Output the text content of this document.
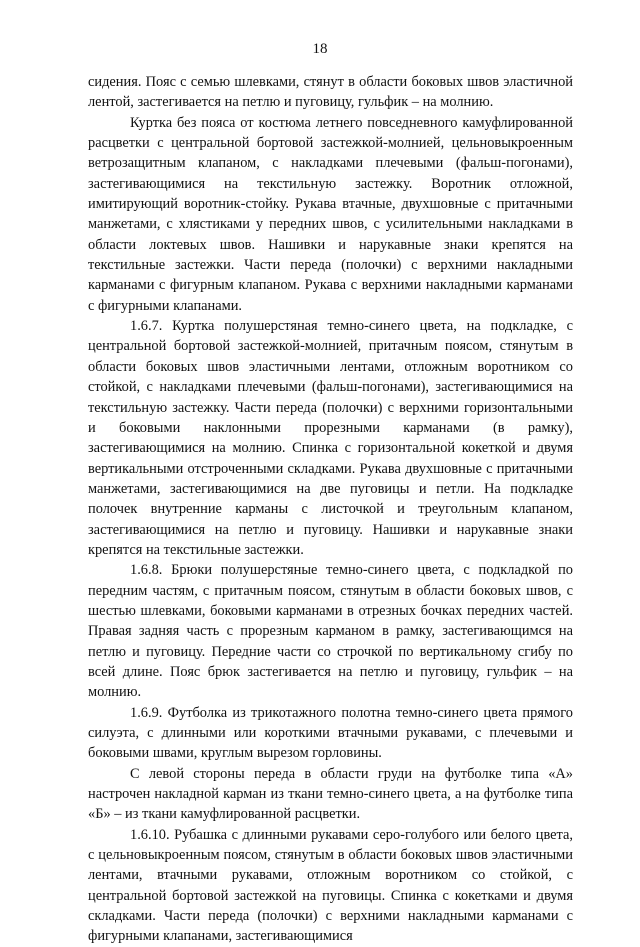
18

сидения. Пояс с семью шлевками, стянут в области боковых швов эластичной лентой, застегивается на петлю и пуговицу, гульфик – на молнию.

Куртка без пояса от костюма летнего повседневного камуфлированной расцветки с центральной бортовой застежкой-молнией, цельновыкроенным ветрозащитным клапаном, с накладками плечевыми (фальш-погонами), застегивающимися на текстильную застежку. Воротник отложной, имитирующий воротник-стойку. Рукава втачные, двухшовные с притачными манжетами, с хлястиками у передних швов, с усилительными накладками в области локтевых швов. Нашивки и нарукавные знаки крепятся на текстильные застежки. Части переда (полочки) с верхними накладными карманами с фигурным клапаном. Рукава с верхними накладными карманами с фигурными клапанами.

1.6.7. Куртка полушерстяная темно-синего цвета, на подкладке, с центральной бортовой застежкой-молнией, притачным поясом, стянутым в области боковых швов эластичными лентами, отложным воротником со стойкой, с накладками плечевыми (фальш-погонами), застегивающимися на текстильную застежку. Части переда (полочки) с верхними горизонтальными и боковыми наклонными прорезными карманами (в рамку), застегивающимися на молнию. Спинка с горизонтальной кокеткой и двумя вертикальными отстроченными складками. Рукава двухшовные с притачными манжетами, застегивающимися на две пуговицы и петли. На подкладке полочек внутренние карманы с листочкой и треугольным клапаном, застегивающимися на петлю и пуговицу. Нашивки и нарукавные знаки крепятся на текстильные застежки.

1.6.8. Брюки полушерстяные темно-синего цвета, с подкладкой по передним частям, с притачным поясом, стянутым в области боковых швов, с шестью шлевками, боковыми карманами в отрезных бочках передних частей. Правая задняя часть с прорезным карманом в рамку, застегивающимся на петлю и пуговицу. Передние части со строчкой по вертикальному сгибу по всей длине. Пояс брюк застегивается на петлю и пуговицу, гульфик – на молнию.

1.6.9. Футболка из трикотажного полотна темно-синего цвета прямого силуэта, с длинными или короткими втачными рукавами, с плечевыми и боковыми швами, круглым вырезом горловины.

С левой стороны переда в области груди на футболке типа «А» настрочен накладной карман из ткани темно-синего цвета, а на футболке типа «Б» – из ткани камуфлированной расцветки.

1.6.10. Рубашка с длинными рукавами серо-голубого или белого цвета, с цельновыкроенным поясом, стянутым в области боковых швов эластичными лентами, втачными рукавами, отложным воротником со стойкой, с центральной бортовой застежкой на пуговицы. Спинка с кокетками и двумя складками. Части переда (полочки) с верхними накладными карманами с фигурными клапанами, застегивающимися
